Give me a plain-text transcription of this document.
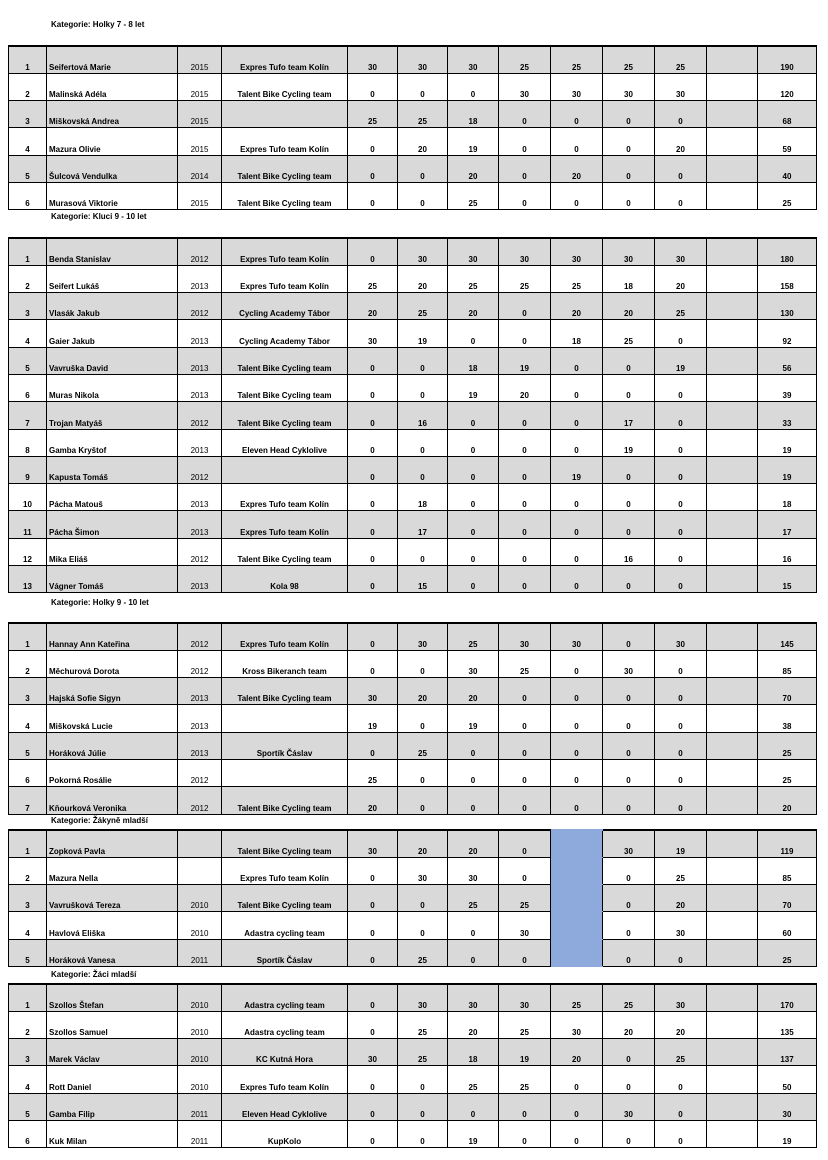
Kategorie: Holky 7 - 8 let
1	Seifertová Marie	2015	Expres Tufo team Kolín	30	30	30	25	25	25	25		190
2	Malinská Adéla	2015	Talent Bike Cycling team	0	0	0	30	30	30	30		120
3	Miškovská Andrea	2015		25	25	18	0	0	0	0		68
4	Mazura Olivie	2015	Expres Tufo team Kolín	0	20	19	0	0	0	20		59
5	Šulcová Vendulka	2014	Talent Bike Cycling team	0	0	20	0	20	0	0		40
6	Murasová Viktorie	2015	Talent Bike Cycling team	0	0	25	0	0	0	0		25
Kategorie: Kluci 9 - 10 let
1	Benda Stanislav	2012	Expres Tufo team Kolín	0	30	30	30	30	30	30		180
2	Seifert Lukáš	2013	Expres Tufo team Kolín	25	20	25	25	25	18	20		158
3	Vlasák Jakub	2012	Cycling Academy Tábor	20	25	20	0	20	20	25		130
4	Gaier Jakub	2013	Cycling Academy Tábor	30	19	0	0	18	25	0		92
5	Vavruška David	2013	Talent Bike Cycling team	0	0	18	19	0	0	19		56
6	Muras Nikola	2013	Talent Bike Cycling team	0	0	19	20	0	0	0		39
7	Trojan Matyáš	2012	Talent Bike Cycling team	0	16	0	0	0	17	0		33
8	Gamba Kryštof	2013	Eleven Head Cyklolive	0	0	0	0	0	19	0		19
9	Kapusta Tomáš	2012		0	0	0	0	19	0	0		19
10	Pácha Matouš	2013	Expres Tufo team Kolín	0	18	0	0	0	0	0		18
11	Pácha Šimon	2013	Expres Tufo team Kolín	0	17	0	0	0	0	0		17
12	Mika Eliáš	2012	Talent Bike Cycling team	0	0	0	0	0	16	0		16
13	Vágner Tomáš	2013	Kola 98	0	15	0	0	0	0	0		15
Kategorie: Holky 9 - 10 let
1	Hannay Ann Kateřina	2012	Expres Tufo team Kolín	0	30	25	30	30	0	30		145
2	Měchurová Dorota	2012	Kross Bikeranch team	0	0	30	25	0	30	0		85
3	Hajská Sofie Sigyn	2013	Talent Bike Cycling team	30	20	20	0	0	0	0		70
4	Miškovská Lucie	2013		19	0	19	0	0	0	0		38
5	Horáková Júlie	2013	Sportík Čáslav	0	25	0	0	0	0	0		25
6	Pokorná Rosálie	2012		25	0	0	0	0	0	0		25
7	Kňourková Veronika	2012	Talent Bike Cycling team	20	0	0	0	0	0	0		20
Kategorie: Žákyně mladší
1	Zopková Pavla		Talent Bike Cycling team	30	20	20	0		30	19		119
2	Mazura Nella		Expres Tufo team Kolín	0	30	30	0		0	25		85
3	Vavrušková Tereza	2010	Talent Bike Cycling team	0	0	25	25		0	20		70
4	Havlová Eliška	2010	Adastra cycling team	0	0	0	30		0	30		60
5	Horáková Vanesa	2011	Sportík Čáslav	0	25	0	0		0	0		25
Kategorie: Žáci mladší
1	Szollos Štefan	2010	Adastra cycling team	0	30	30	30	25	25	30		170
2	Szollos Samuel	2010	Adastra cycling team	0	25	20	25	30	20	20		135
3	Marek Václav	2010	KC Kutná Hora	30	25	18	19	20	0	25		137
4	Rott Daniel	2010	Expres Tufo team Kolín	0	0	25	25	0	0	0		50
5	Gamba Filip	2011	Eleven Head Cyklolive	0	0	0	0	0	30	0		30
6	Kuk Milan	2011	KupKolo	0	0	19	0	0	0	0		19
